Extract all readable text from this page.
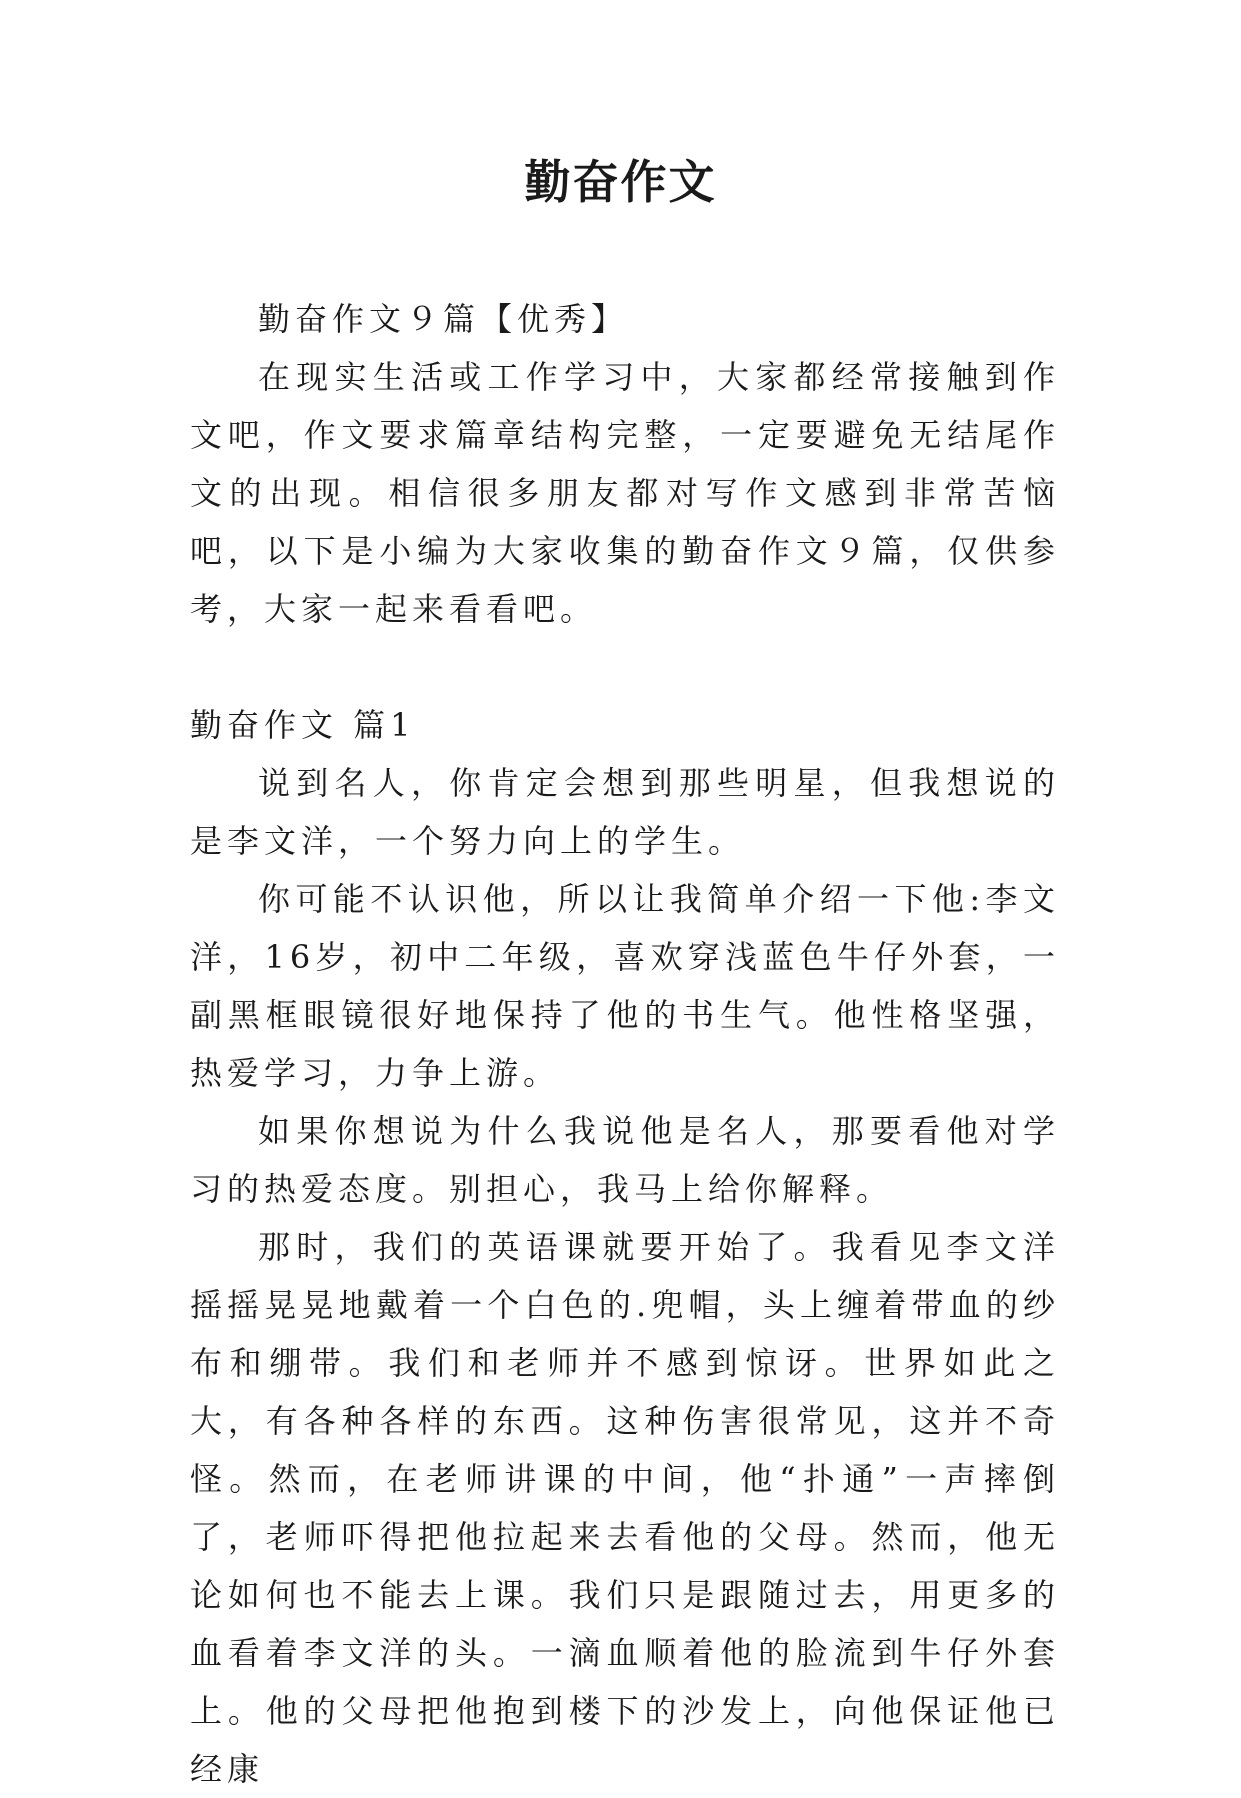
勤奋作文

勤奋作文９篇【优秀】

在现实生活或工作学习中，大家都经常接触到作文吧，作文要求篇章结构完整，一定要避免无结尾作文的出现。相信很多朋友都对写作文感到非常苦恼吧，以下是小编为大家收集的勤奋作文９篇，仅供参考，大家一起来看看吧。

勤奋作文 篇1

说到名人，你肯定会想到那些明星，但我想说的是李文洋，一个努力向上的学生。

你可能不认识他，所以让我简单介绍一下他:李文洋，16岁，初中二年级，喜欢穿浅蓝色牛仔外套，一副黑框眼镜很好地保持了他的书生气。他性格坚强，热爱学习，力争上游。

如果你想说为什么我说他是名人，那要看他对学习的热爱态度。别担心，我马上给你解释。

那时，我们的英语课就要开始了。我看见李文洋摇摇晃晃地戴着一个白色的.兜帽，头上缠着带血的纱布和绷带。我们和老师并不感到惊讶。世界如此之大，有各种各样的东西。这种伤害很常见，这并不奇怪。然而，在老师讲课的中间，他“扑通”一声摔倒了，老师吓得把他拉起来去看他的父母。然而，他无论如何也不能去上课。我们只是跟随过去，用更多的血看着李文洋的头。一滴血顺着他的脸流到牛仔外套上。他的父母把他抱到楼下的沙发上，向他保证他已经康
